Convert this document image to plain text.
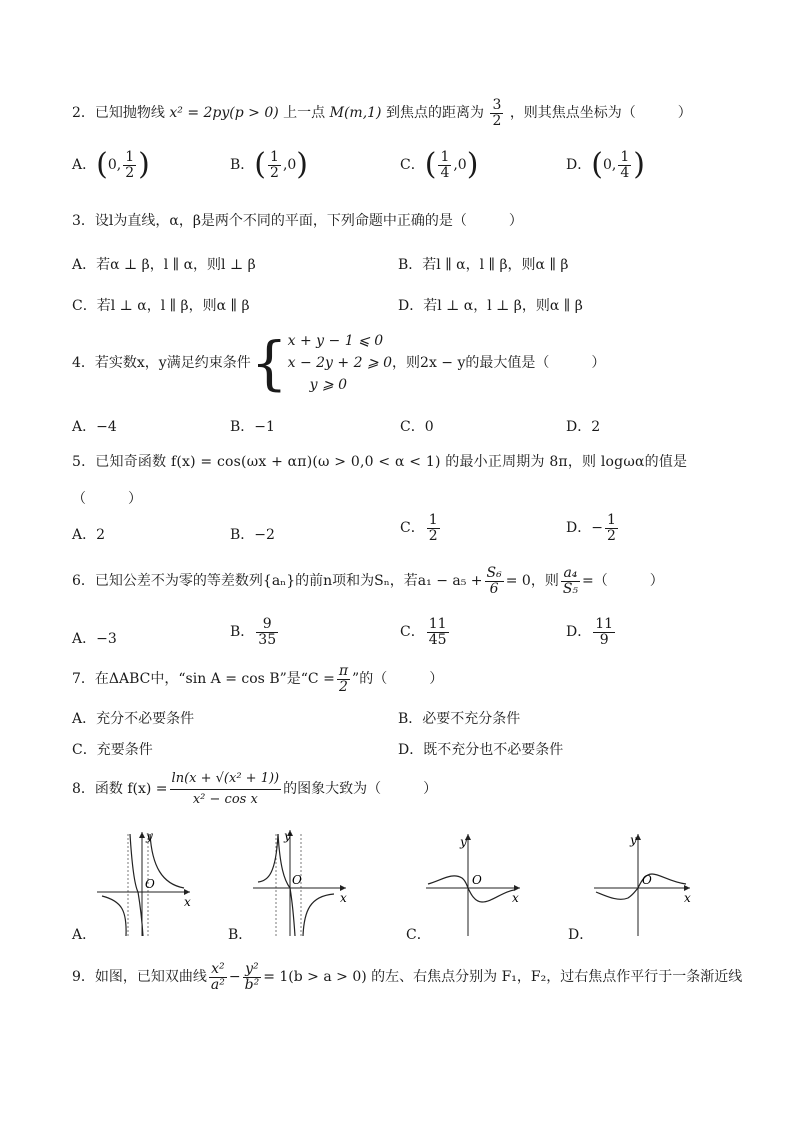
2．已知抛物线 x² = 2py(p > 0) 上一点 M(m,1) 到焦点的距离为 $\frac{3}{2}$ ，则其焦点坐标为（　　　）
A．(0, $\frac{1}{2}$ )	B．( $\frac{1}{2} ,0$)	C．( $\frac{1}{4} ,0$)	D．(0, $\frac{1}{4}$ )
3．设l为直线，α，β是两个不同的平面，下列命题中正确的是（　　　）
A．若α ⊥ β，l ∥ α，则l ⊥ β	B．若l ∥ α，l ∥ β，则α ∥ β
C．若l ⊥ α，l ∥ β，则α ∥ β	D．若l ⊥ α，l ⊥ β，则α ∥ β
4．若实数x，y满足约束条件{ x + y − 1 ⩽ 0
x − 2y + 2 ⩾ 0
y ⩾ 0
，则2x − y的最大值是（　　　）
A．−4	B．−1	C．0	D．2
5．已知奇函数 f(x) = cos(ωx + απ)(ω > 0,0 < α < 1) 的最小正周期为 8π，则 logωα的值是
（　　　）
A．2	B．−2	C． $\frac{1}{2}$	D．− $\frac{1}{2}$
6．已知公差不为零的等差数列{aₙ}的前n项和为Sₙ，若$a_1 - a_5 + \frac{\text{S₆}}{6} = 0$，则 $\frac{\text{a₄}}{\text{S₅}}$ =（　　　）
A．−3	B． $\frac{9}{35}$	C． $\frac{11}{45}$	D． $\frac{11}{9}$
7．在ΔABC中，“sin A = cos B”是“$C = \frac{\pi}{2}$ ”的（　　　）
A．充分不必要条件	B．必要不充分条件
C．充要条件	D．既不充分也不必要条件
8．函数 $f(x) = \frac{\text{ln(x + √(x² + 1))}}{\text{x² − cos x}}$ 的图象大致为（　　　）
y
x
O
A．
y
x
O
B．
y
x
O
C．
y
x
O
D．
9．如图，已知双曲线 $\frac{\text{x²}}{\text{a²}} - \frac{\text{y²}}{\text{b²}} = 1(b > a > 0)$ 的左、右焦点分别为 F₁，F₂，过右焦点作平行于一条渐近线
